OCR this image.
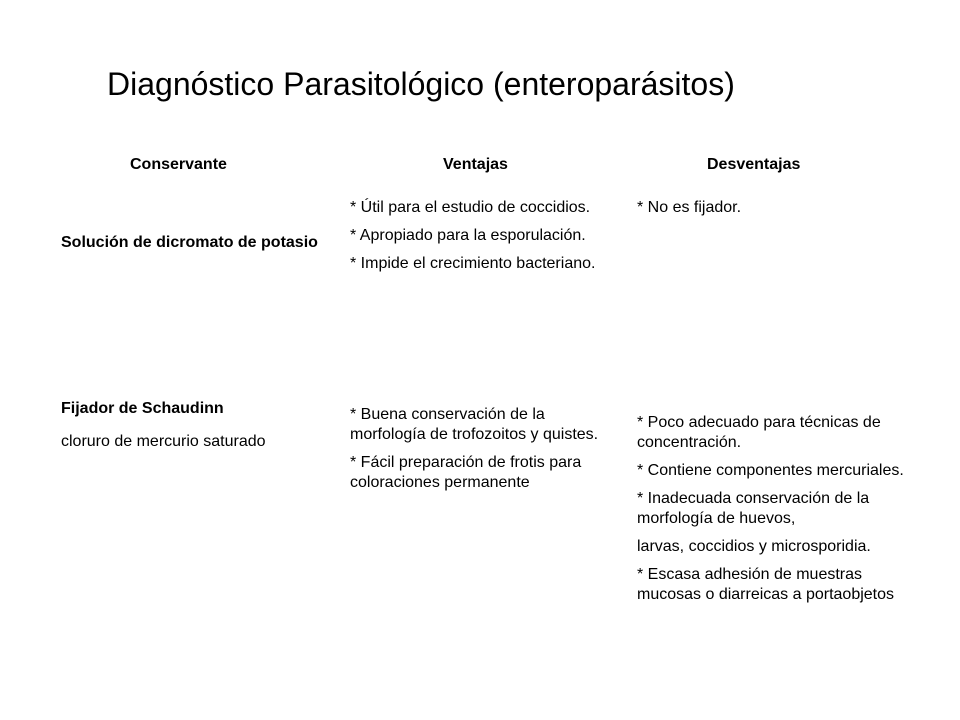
Diagnóstico Parasitológico (enteroparásitos)
Conservante	Ventajas	Desventajas
Solución de dicromato de potasio

* Útil para el estudio de coccidios.

* Apropiado para la esporulación.

* Impide el crecimiento bacteriano.

* No es fijador.

Fijador de Schaudinn
cloruro de mercurio saturado

* Buena conservación de la morfología de trofozoitos y quistes.

* Fácil preparación de frotis para coloraciones permanente

* Poco adecuado para técnicas de concentración.

* Contiene componentes mercuriales.

* Inadecuada conservación de la morfología de huevos,

larvas, coccidios y microsporidia.

* Escasa adhesión de muestras mucosas o diarreicas a portaobjetos
